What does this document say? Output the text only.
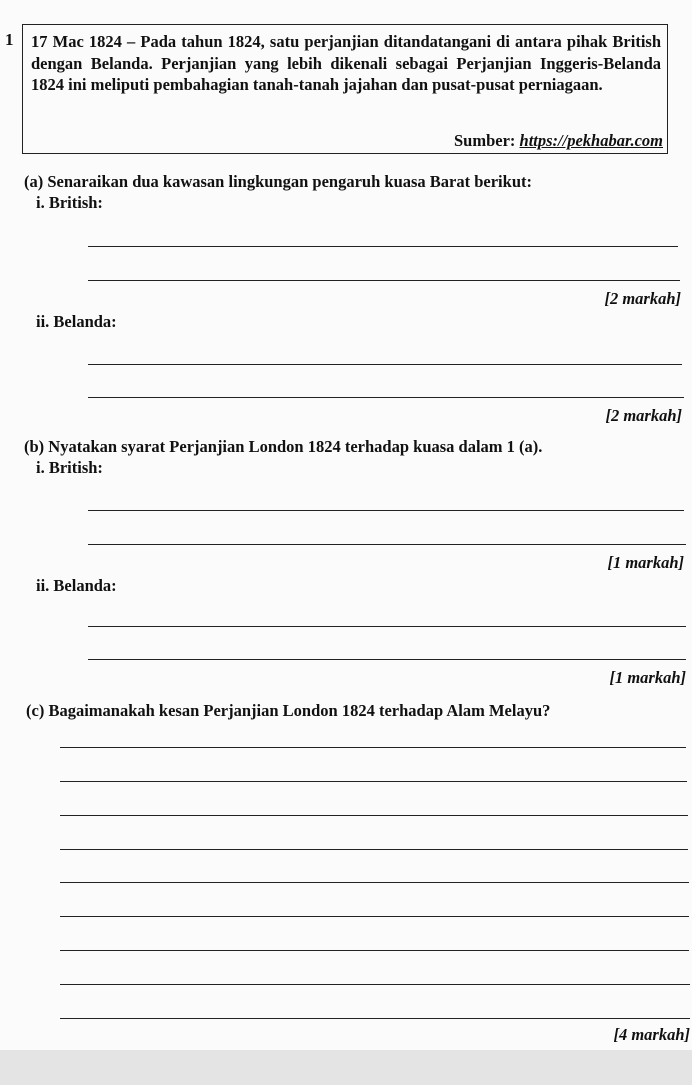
1 17 Mac 1824 – Pada tahun 1824, satu perjanjian ditandatangani di antara pihak British dengan Belanda. Perjanjian yang lebih dikenali sebagai Perjanjian Inggeris-Belanda 1824 ini meliputi pembahagian tanah-tanah jajahan dan pusat-pusat perniagaan.
Sumber: https://pekhabar.com
(a) Senaraikan dua kawasan lingkungan pengaruh kuasa Barat berikut:
i. British:
[2 markah]
ii. Belanda:
[2 markah]
(b) Nyatakan syarat Perjanjian London 1824 terhadap kuasa dalam 1 (a).
i. British:
[1 markah]
ii. Belanda:
[1 markah]
(c) Bagaimanakah kesan Perjanjian London 1824 terhadap Alam Melayu?
[4 markah]
